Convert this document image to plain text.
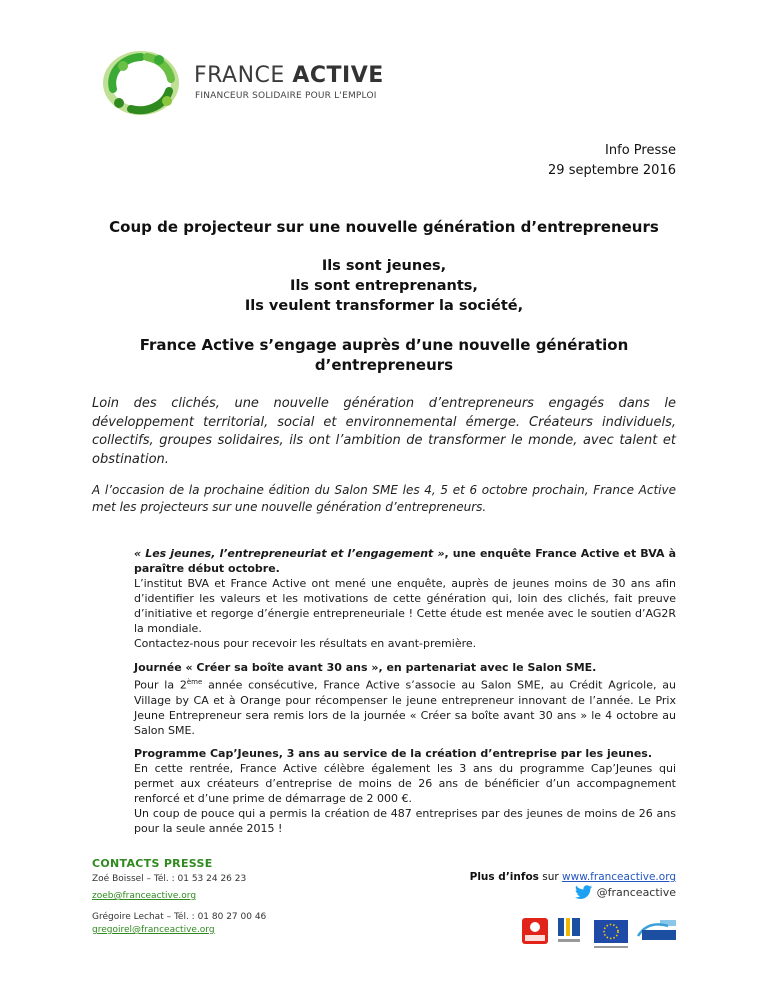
FRANCE ACTIVE
FINANCEUR SOLIDAIRE POUR L'EMPLOI
Info Presse
29 septembre 2016
Coup de projecteur sur une nouvelle génération d’entrepreneurs
Ils sont jeunes,
Ils sont entreprenants,
Ils veulent transformer la société,
France Active s’engage auprès d’une nouvelle génération
d’entrepreneurs

Loin des clichés, une nouvelle génération d’entrepreneurs engagés dans le développement territorial, social et environnemental émerge. Créateurs individuels, collectifs, groupes solidaires, ils ont l’ambition de transformer le monde, avec talent et obstination.

A l’occasion de la prochaine édition du Salon SME les 4, 5 et 6 octobre prochain, France Active met les projecteurs sur une nouvelle génération d’entrepreneurs.

« Les jeunes, l’entrepreneuriat et l’engagement », une enquête France Active et BVA à paraître début octobre.

L’institut BVA et France Active ont mené une enquête, auprès de jeunes moins de 30 ans afin d’identifier les valeurs et les motivations de cette génération qui, loin des clichés, fait preuve d’initiative et regorge d’énergie entrepreneuriale ! Cette étude est menée avec le soutien d’AG2R la mondiale.

Contactez-nous pour recevoir les résultats en avant-première.

Journée « Créer sa boîte avant 30 ans », en partenariat avec le Salon SME.

Pour la 2ème année consécutive, France Active s’associe au Salon SME, au Crédit Agricole, au Village by CA et à Orange pour récompenser le jeune entrepreneur innovant de l’année. Le Prix Jeune Entrepreneur sera remis lors de la journée « Créer sa boîte avant 30 ans » le 4 octobre au Salon SME.

Programme Cap’Jeunes, 3 ans au service de la création d’entreprise par les jeunes.

En cette rentrée, France Active célèbre également les 3 ans du programme Cap’Jeunes qui permet aux créateurs d’entreprise de moins de 26 ans de bénéficier d’un accompagnement renforcé et d’une prime de démarrage de 2 000 €.

Un coup de pouce qui a permis la création de 487 entreprises par des jeunes de moins de 26 ans pour la seule année 2015 !

CONTACTS PRESSE
Zoé Boissel – Tél. : 01 53 24 26 23
zoeb@franceactive.org
Grégoire Lechat – Tél. : 01 80 27 00 46
gregoirel@franceactive.org
Plus d’infos sur www.franceactive.org
@franceactive
